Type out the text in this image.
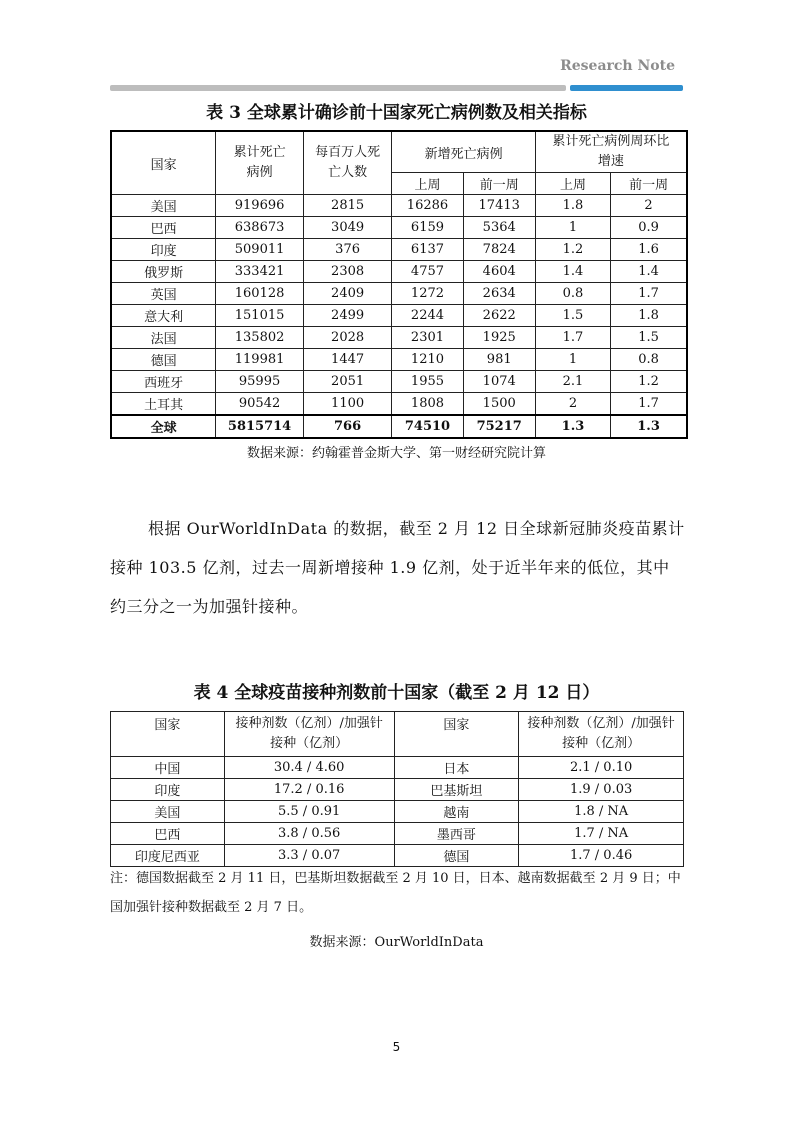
Research Note
表 3 全球累计确诊前十国家死亡病例数及相关指标
国家	累计死亡病例	每百万人死亡人数	新增死亡病例		累计死亡病例周环比增速	
			上周	前一周	上周	前一周
美国	919696	2815	16286	17413	1.8	2
巴西	638673	3049	6159	5364	1	0.9
印度	509011	376	6137	7824	1.2	1.6
俄罗斯	333421	2308	4757	4604	1.4	1.4
英国	160128	2409	1272	2634	0.8	1.7
意大利	151015	2499	2244	2622	1.5	1.8
法国	135802	2028	2301	1925	1.7	1.5
德国	119981	1447	1210	981	1	0.8
西班牙	95995	2051	1955	1074	2.1	1.2
土耳其	90542	1100	1808	1500	2	1.7
全球	5815714	766	74510	75217	1.3	1.3
数据来源：约翰霍普金斯大学、第一财经研究院计算
根据 OurWorldInData 的数据，截至 2 月 12 日全球新冠肺炎疫苗累计接种 103.5 亿剂，过去一周新增接种 1.9 亿剂，处于近半年来的低位，其中约三分之一为加强针接种。
表 4 全球疫苗接种剂数前十国家（截至 2 月 12 日）
国家	接种剂数（亿剂）/加强针接种（亿剂）	国家	接种剂数（亿剂）/加强针接种（亿剂）
中国	30.4 / 4.60	日本	2.1 / 0.10
印度	17.2 / 0.16	巴基斯坦	1.9 / 0.03
美国	5.5 / 0.91	越南	1.8 / NA
巴西	3.8 / 0.56	墨西哥	1.7 / NA
印度尼西亚	3.3 / 0.07	德国	1.7 / 0.46
注：德国数据截至 2 月 11 日，巴基斯坦数据截至 2 月 10 日，日本、越南数据截至 2 月 9 日；中国加强针接种数据截至 2 月 7 日。
数据来源：OurWorldInData
5
